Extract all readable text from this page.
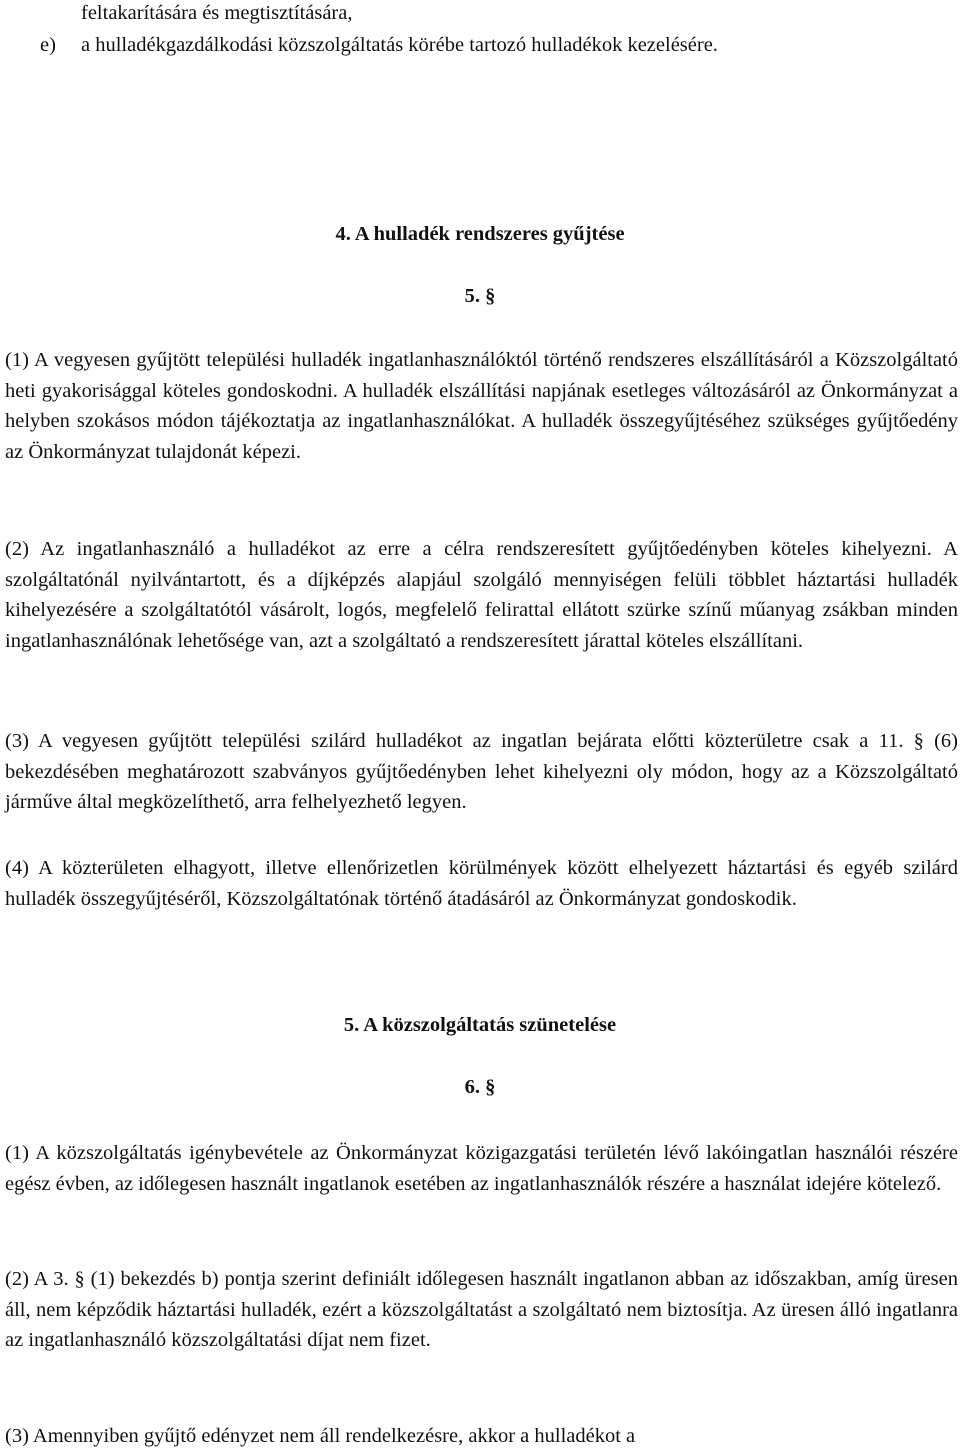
feltakarítására és megtisztítására,
e) a hulladékgazdálkodási közszolgáltatás körébe tartozó hulladékok kezelésére.

4. A hulladék rendszeres gyűjtése

5. §

(1) A vegyesen gyűjtött települési hulladék ingatlanhasználóktól történő rendszeres elszállításáról a Közszolgáltató heti gyakorisággal köteles gondoskodni. A hulladék elszállítási napjának esetleges változásáról az Önkormányzat a helyben szokásos módon tájékoztatja az ingatlanhasználókat. A hulladék összegyűjtéséhez szükséges gyűjtőedény az Önkormányzat tulajdonát képezi.

(2) Az ingatlanhasználó a hulladékot az erre a célra rendszeresített gyűjtőedényben köteles kihelyezni. A szolgáltatónál nyilvántartott, és a díjképzés alapjául szolgáló mennyiségen felüli többlet háztartási hulladék kihelyezésére a szolgáltatótól vásárolt, logós, megfelelő felirattal ellátott szürke színű műanyag zsákban minden ingatlanhasználónak lehetősége van, azt a szolgáltató a rendszeresített járattal köteles elszállítani.

(3) A vegyesen gyűjtött települési szilárd hulladékot az ingatlan bejárata előtti közterületre csak a 11. § (6) bekezdésében meghatározott szabványos gyűjtőedényben lehet kihelyezni oly módon, hogy az a Közszolgáltató járműve által megközelíthető, arra felhelyezhető legyen.

(4) A közterületen elhagyott, illetve ellenőrizetlen körülmények között elhelyezett háztartási és egyéb szilárd hulladék összegyűjtéséről, Közszolgáltatónak történő átadásáról az Önkormányzat gondoskodik.

5. A közszolgáltatás szünetelése

6. §

(1) A közszolgáltatás igénybevétele az Önkormányzat közigazgatási területén lévő lakóingatlan használói részére egész évben, az időlegesen használt ingatlanok esetében az ingatlanhasználók részére a használat idejére kötelező.

(2) A 3. § (1) bekezdés b) pontja szerint definiált időlegesen használt ingatlanon abban az időszakban, amíg üresen áll, nem képződik háztartási hulladék, ezért a közszolgáltatást a szolgáltató nem biztosítja. Az üresen álló ingatlanra az ingatlanhasználó közszolgáltatási díjat nem fizet.

(3) Amennyiben gyűjtő edényzet nem áll rendelkezésre, akkor a hulladékot a
